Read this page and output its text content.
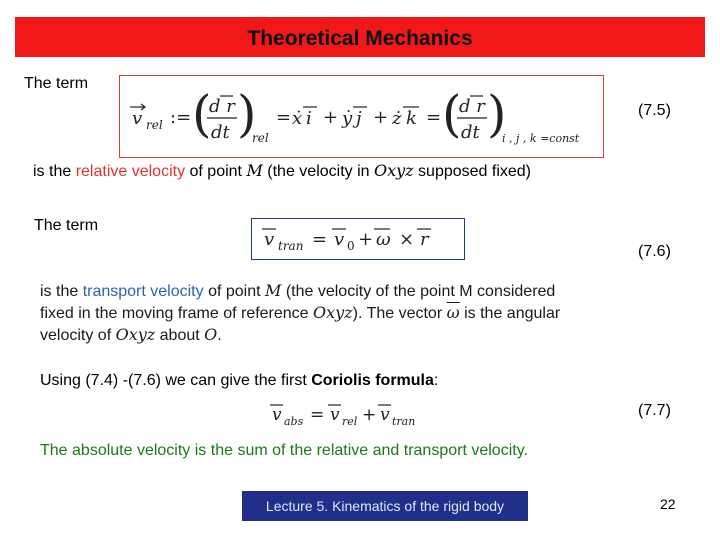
Theoretical Mechanics
The term
v rel := (
d r
dt )
rel
= ẋ i + ẏ j + ż k = (
d r
dt )
i , j , k =const
(7.5)
is the relative velocity of point M (the velocity in Oxyz supposed fixed)
The term
v tran = v 0 + ω × r
(7.6)
is the transport velocity of point M (the velocity of the point M considered
fixed in the moving frame of reference Oxyz). The vector $\overline{\omega}$ is the angular
velocity of Oxyz about O.
Using (7.4) -(7.6) we can give the first Coriolis formula:
v abs = v rel + v tran
(7.7)
The absolute velocity is the sum of the relative and transport velocity.
Lecture 5. Kinematics of the rigid body	22
